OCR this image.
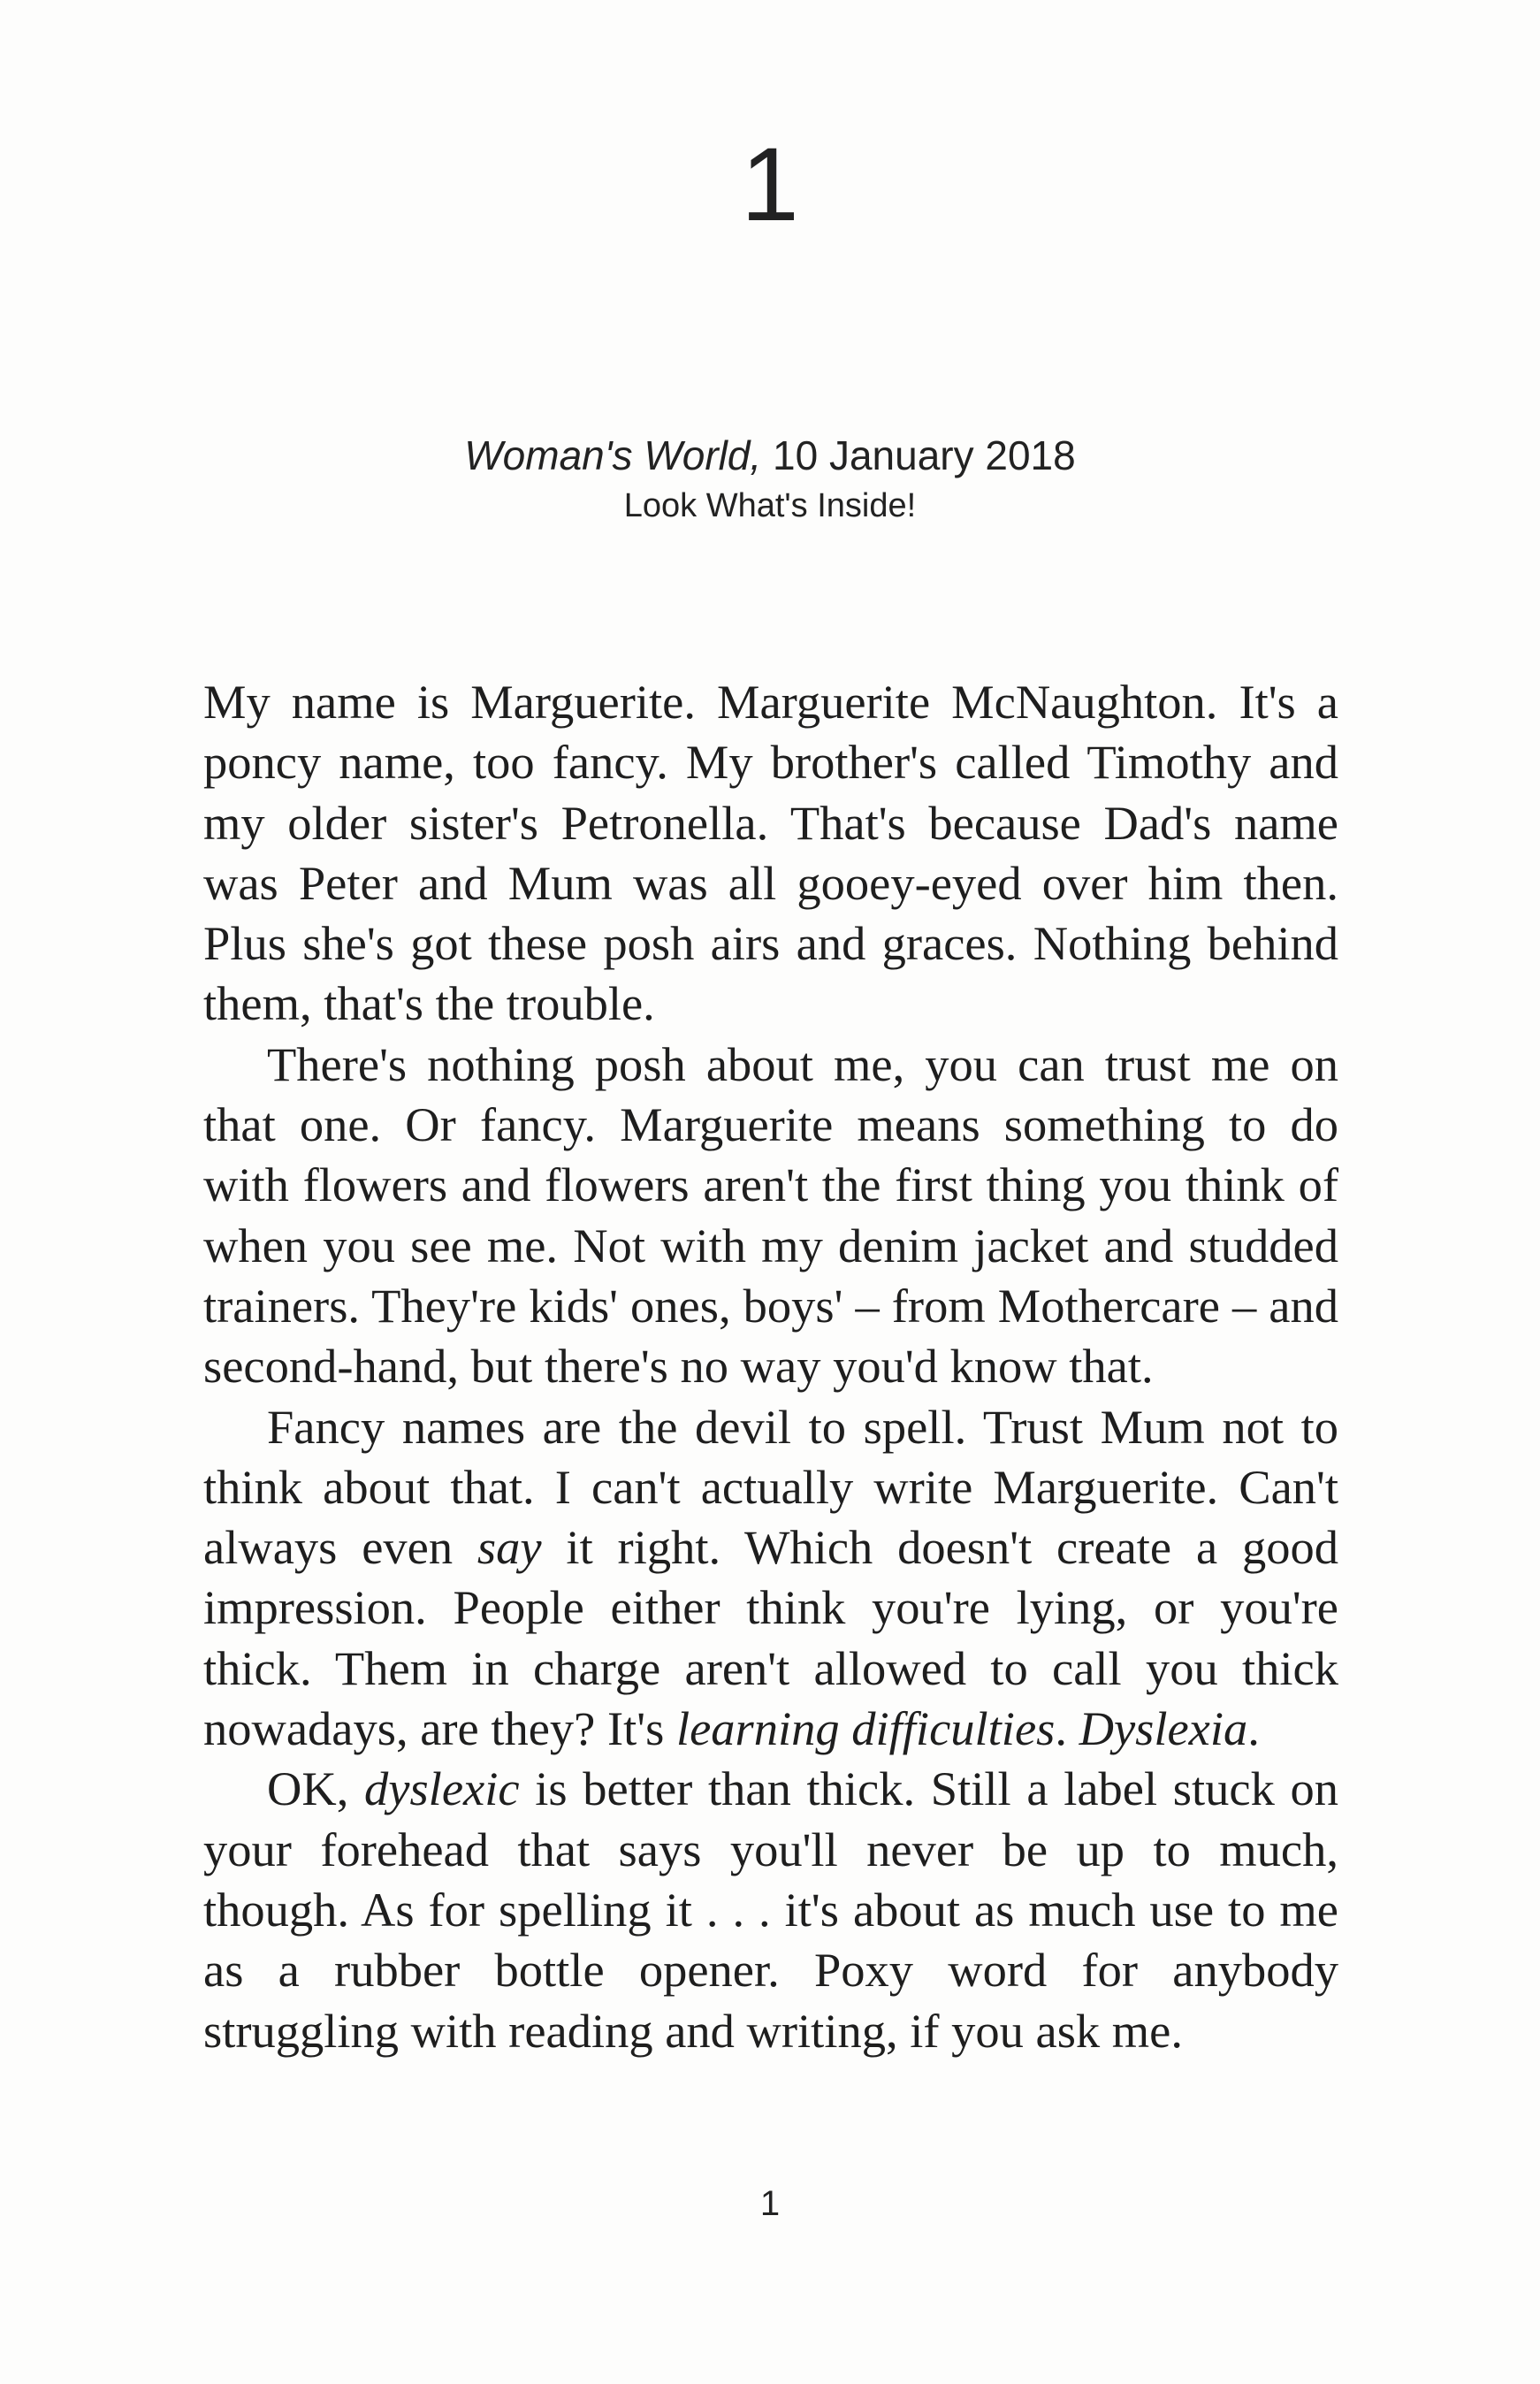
1
Woman's World, 10 January 2018
Look What's Inside!

My name is Marguerite. Marguerite McNaughton. It's a poncy name, too fancy. My brother's called Timothy and my older sister's Petronella. That's because Dad's name was Peter and Mum was all gooey-eyed over him then. Plus she's got these posh airs and graces. Nothing behind them, that's the trouble.

There's nothing posh about me, you can trust me on that one. Or fancy. Marguerite means something to do with flowers and flowers aren't the first thing you think of when you see me. Not with my denim jacket and studded trainers. They're kids' ones, boys' – from Mothercare – and second-hand, but there's no way you'd know that.

Fancy names are the devil to spell. Trust Mum not to think about that. I can't actually write Marguerite. Can't always even say it right. Which doesn't create a good impression. People either think you're lying, or you're thick. Them in charge aren't allowed to call you thick nowadays, are they? It's learning difficulties. Dyslexia.

OK, dyslexic is better than thick. Still a label stuck on your forehead that says you'll never be up to much, though. As for spelling it . . . it's about as much use to me as a rubber bottle opener. Poxy word for anybody struggling with reading and writing, if you ask me.

1
